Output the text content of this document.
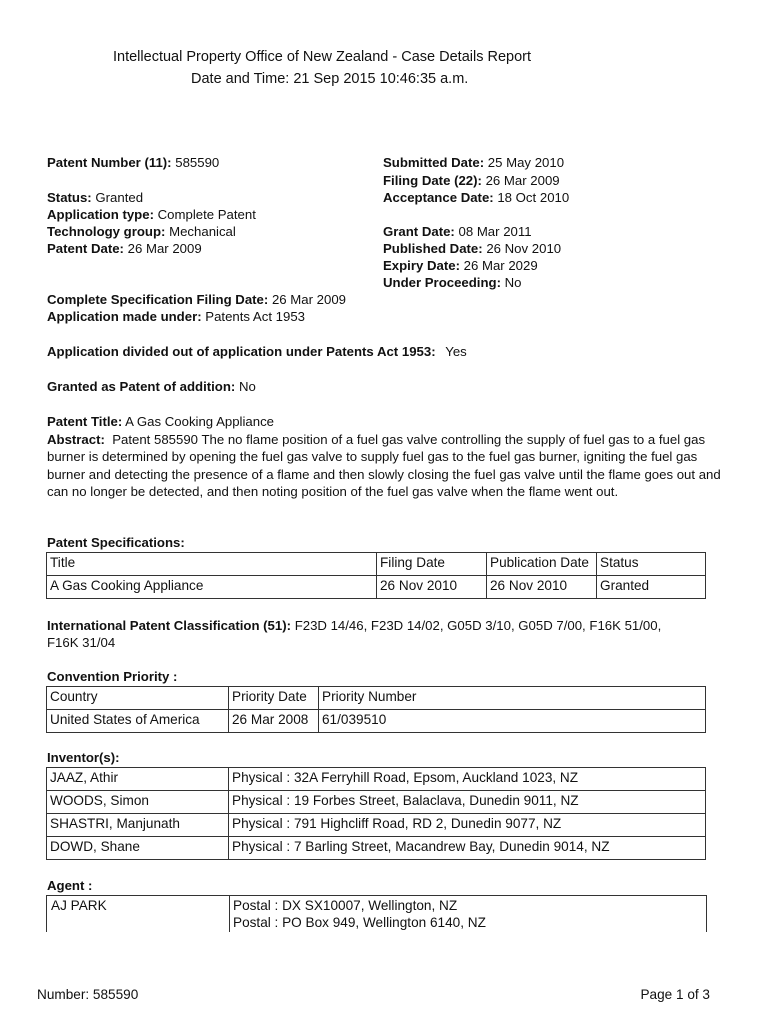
Intellectual Property Office of New Zealand - Case Details Report
Date and Time: 21 Sep 2015 10:46:35 a.m.
Patent Number (11): 585590
Status: Granted
Application type: Complete Patent
Technology group: Mechanical
Patent Date: 26 Mar 2009
Submitted Date: 25 May 2010
Filing Date (22): 26 Mar 2009
Acceptance Date: 18 Oct 2010
Grant Date: 08 Mar 2011
Published Date: 26 Nov 2010
Expiry Date: 26 Mar 2029
Under Proceeding: No
Complete Specification Filing Date: 26 Mar 2009
Application made under: Patents Act 1953
Application divided out of application under Patents Act 1953: Yes
Granted as Patent of addition: No
Patent Title: A Gas Cooking Appliance
Abstract: Patent 585590 The no flame position of a fuel gas valve controlling the supply of fuel gas to a fuel gas burner is determined by opening the fuel gas valve to supply fuel gas to the fuel gas burner, igniting the fuel gas burner and detecting the presence of a flame and then slowly closing the fuel gas valve until the flame goes out and can no longer be detected, and then noting position of the fuel gas valve when the flame went out.
Patent Specifications:
Title	Filing Date	Publication Date	Status
A Gas Cooking Appliance	26 Nov 2010	26 Nov 2010	Granted
International Patent Classification (51): F23D 14/46, F23D 14/02, G05D 3/10, G05D 7/00, F16K 51/00,
F16K 31/04
Convention Priority :
Country	Priority Date	Priority Number
United States of America	26 Mar 2008	61/039510
Inventor(s):
JAAZ, Athir	Physical : 32A Ferryhill Road, Epsom, Auckland 1023, NZ
WOODS, Simon	Physical : 19 Forbes Street, Balaclava, Dunedin 9011, NZ
SHASTRI, Manjunath	Physical : 791 Highcliff Road, RD 2, Dunedin 9077, NZ
DOWD, Shane	Physical : 7 Barling Street, Macandrew Bay, Dunedin 9014, NZ
Agent :
AJ PARK	Postal : DX SX10007, Wellington, NZ
Postal : PO Box 949, Wellington 6140, NZ
Number: 585590	Page 1 of 3
